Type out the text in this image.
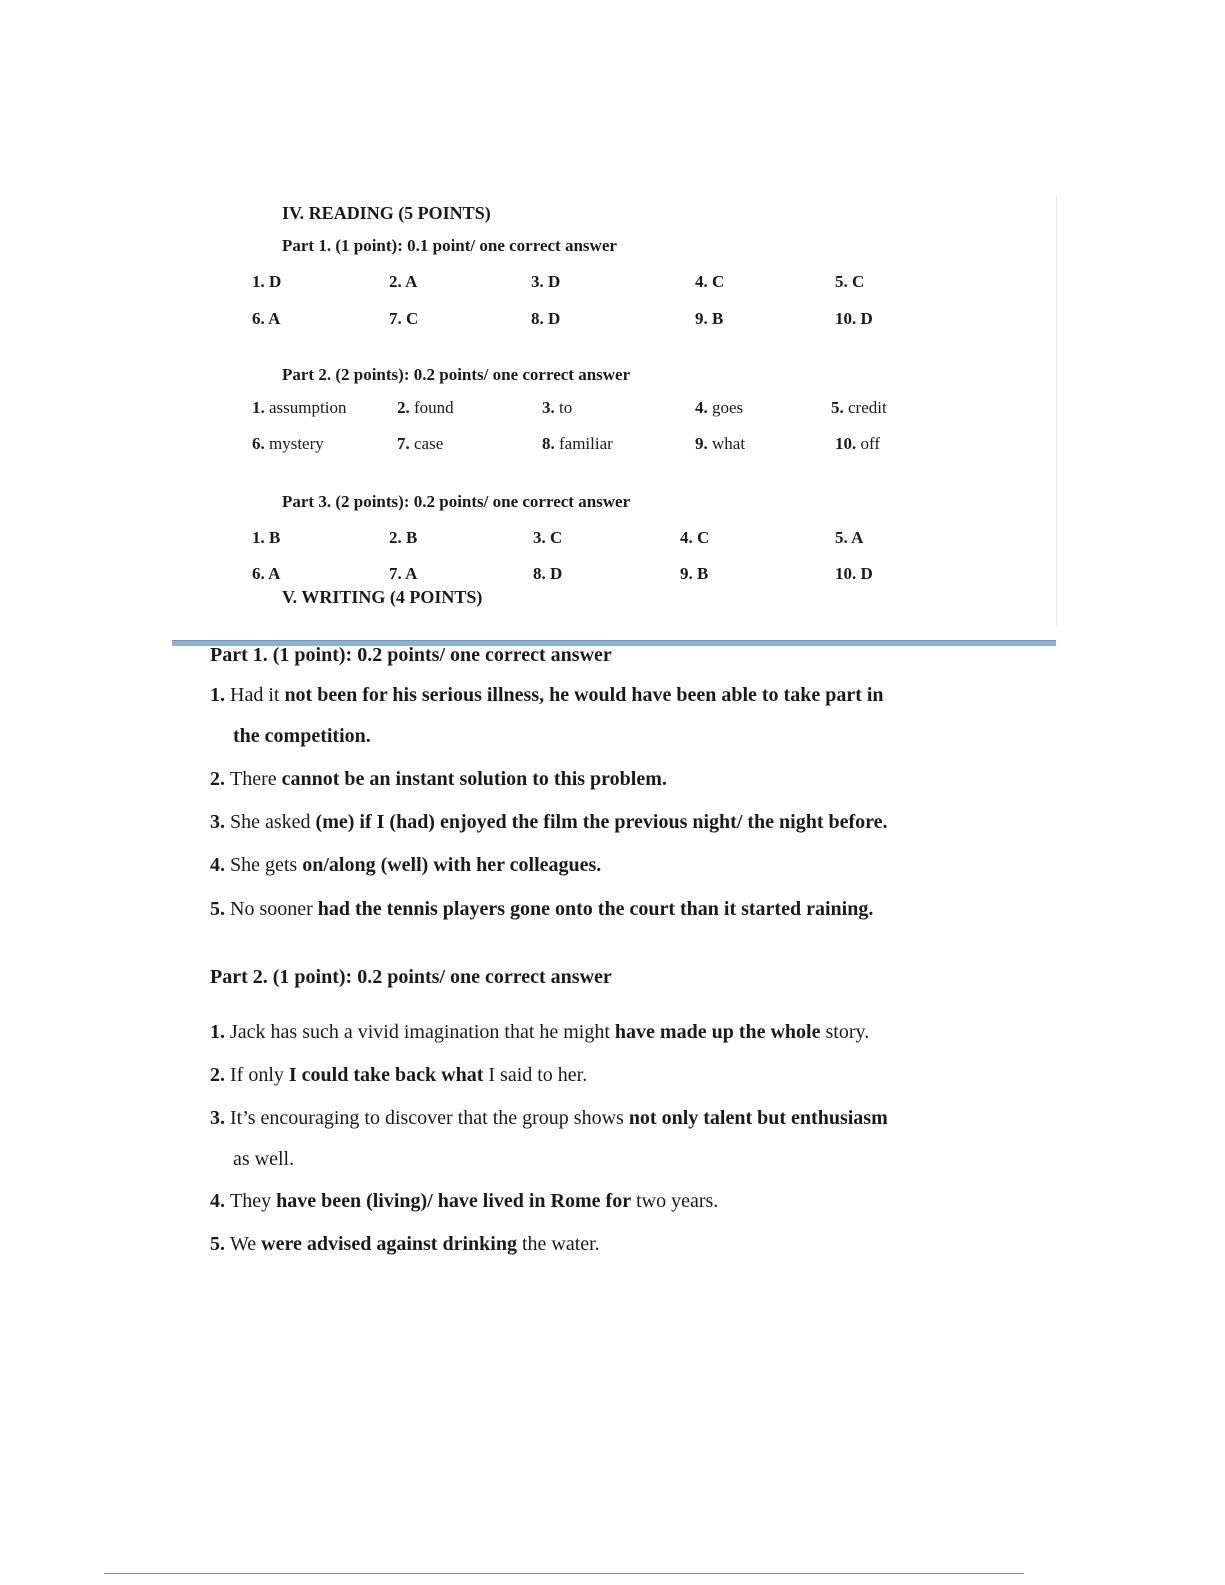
IV. READING (5 POINTS)
Part 1. (1 point): 0.1 point/ one correct answer
1. D	2. A	3. D	4. C	5. C
6. A	7. C	8. D	9. B	10. D
Part 2. (2 points): 0.2 points/ one correct answer
1. assumption	2. found	3. to	4. goes	5. credit
6. mystery	7. case	8. familiar	9. what	10. off
Part 3. (2 points): 0.2 points/ one correct answer
1. B	2. B	3. C	4. C	5. A
6. A	7. A	8. D	9. B	10. D
V. WRITING (4 POINTS)
Part 1. (1 point): 0.2 points/ one correct answer
1. Had it not been for his serious illness, he would have been able to take part in
the competition.
2. There cannot be an instant solution to this problem.
3. She asked (me) if I (had) enjoyed the film the previous night/ the night before.
4. She gets on/along (well) with her colleagues.
5. No sooner had the tennis players gone onto the court than it started raining.
Part 2. (1 point): 0.2 points/ one correct answer
1. Jack has such a vivid imagination that he might have made up the whole story.
2. If only I could take back what I said to her.
3. It’s encouraging to discover that the group shows not only talent but enthusiasm
as well.
4. They have been (living)/ have lived in Rome for two years.
5. We were advised against drinking the water.
